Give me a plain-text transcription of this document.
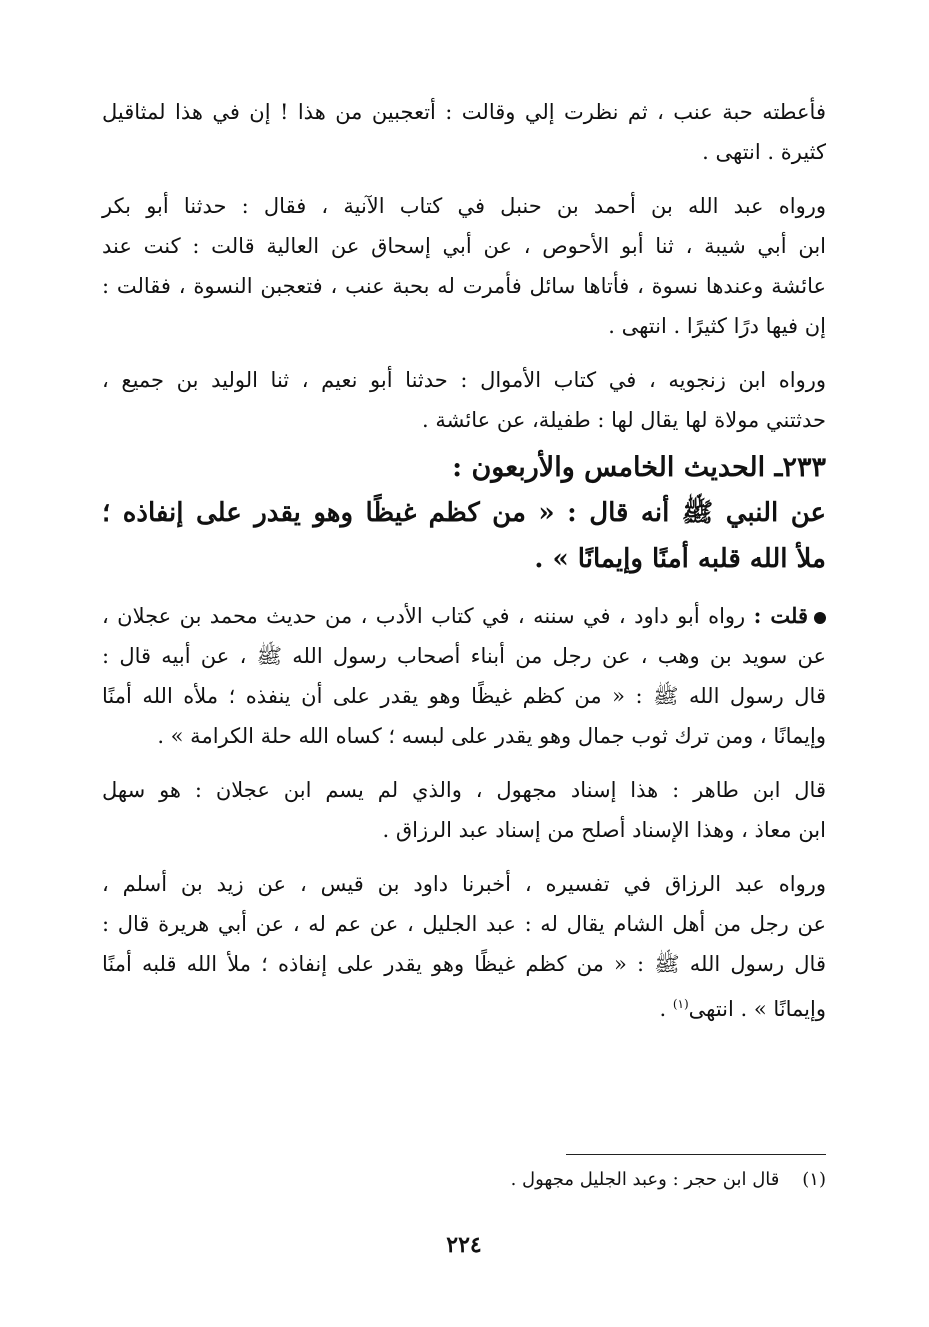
فأعطته حبة عنب ، ثم نظرت إلي وقالت : أتعجبين من هذا ! إن في هذا لمثاقيل
كثيرة . انتهى .

ورواه عبد الله بن أحمد بن حنبل في كتاب الآنية ، فقال : حدثنا أبو بكر
ابن أبي شيبة ، ثنا أبو الأحوص ، عن أبي إسحاق عن العالية قالت : كنت عند
عائشة وعندها نسوة ، فأتاها سائل فأمرت له بحبة عنب ، فتعجبن النسوة ، فقالت :
إن فيها درًا كثيرًا . انتهى .

ورواه ابن زنجويه ، في كتاب الأموال : حدثنا أبو نعيم ، ثنا الوليد بن جميع ،
حدثتني مولاة لها يقال لها : طفيلة، عن عائشة .

٢٣٣ـ الحديث الخامس والأربعون :

عن النبي ﷺ أنه قال : « من كظم غيظًا وهو يقدر على إنفاذه ؛
ملأ الله قلبه أمنًا وإيمانًا » .

قلت : رواه أبو داود ، في سننه ، في كتاب الأدب ، من حديث محمد بن عجلان ،
عن سويد بن وهب ، عن رجل من أبناء أصحاب رسول الله ﷺ ، عن أبيه قال :
قال رسول الله ﷺ : « من كظم غيظًا وهو يقدر على أن ينفذه ؛ ملأه الله أمنًا
وإيمانًا ، ومن ترك ثوب جمال وهو يقدر على لبسه ؛ كساه الله حلة الكرامة » .

قال ابن طاهر : هذا إسناد مجهول ، والذي لم يسم ابن عجلان : هو سهل
ابن معاذ ، وهذا الإسناد أصلح من إسناد عبد الرزاق .

ورواه عبد الرزاق في تفسيره ، أخبرنا داود بن قيس ، عن زيد بن أسلم ،
عن رجل من أهل الشام يقال له : عبد الجليل ، عن عم له ، عن أبي هريرة قال :
قال رسول الله ﷺ : « من كظم غيظًا وهو يقدر على إنفاذه ؛ ملأ الله قلبه أمنًا
وإيمانًا » . انتهى$^{(١)}$ .

(١)    قال ابن حجر : وعبد الجليل مجهول .
٢٢٤
